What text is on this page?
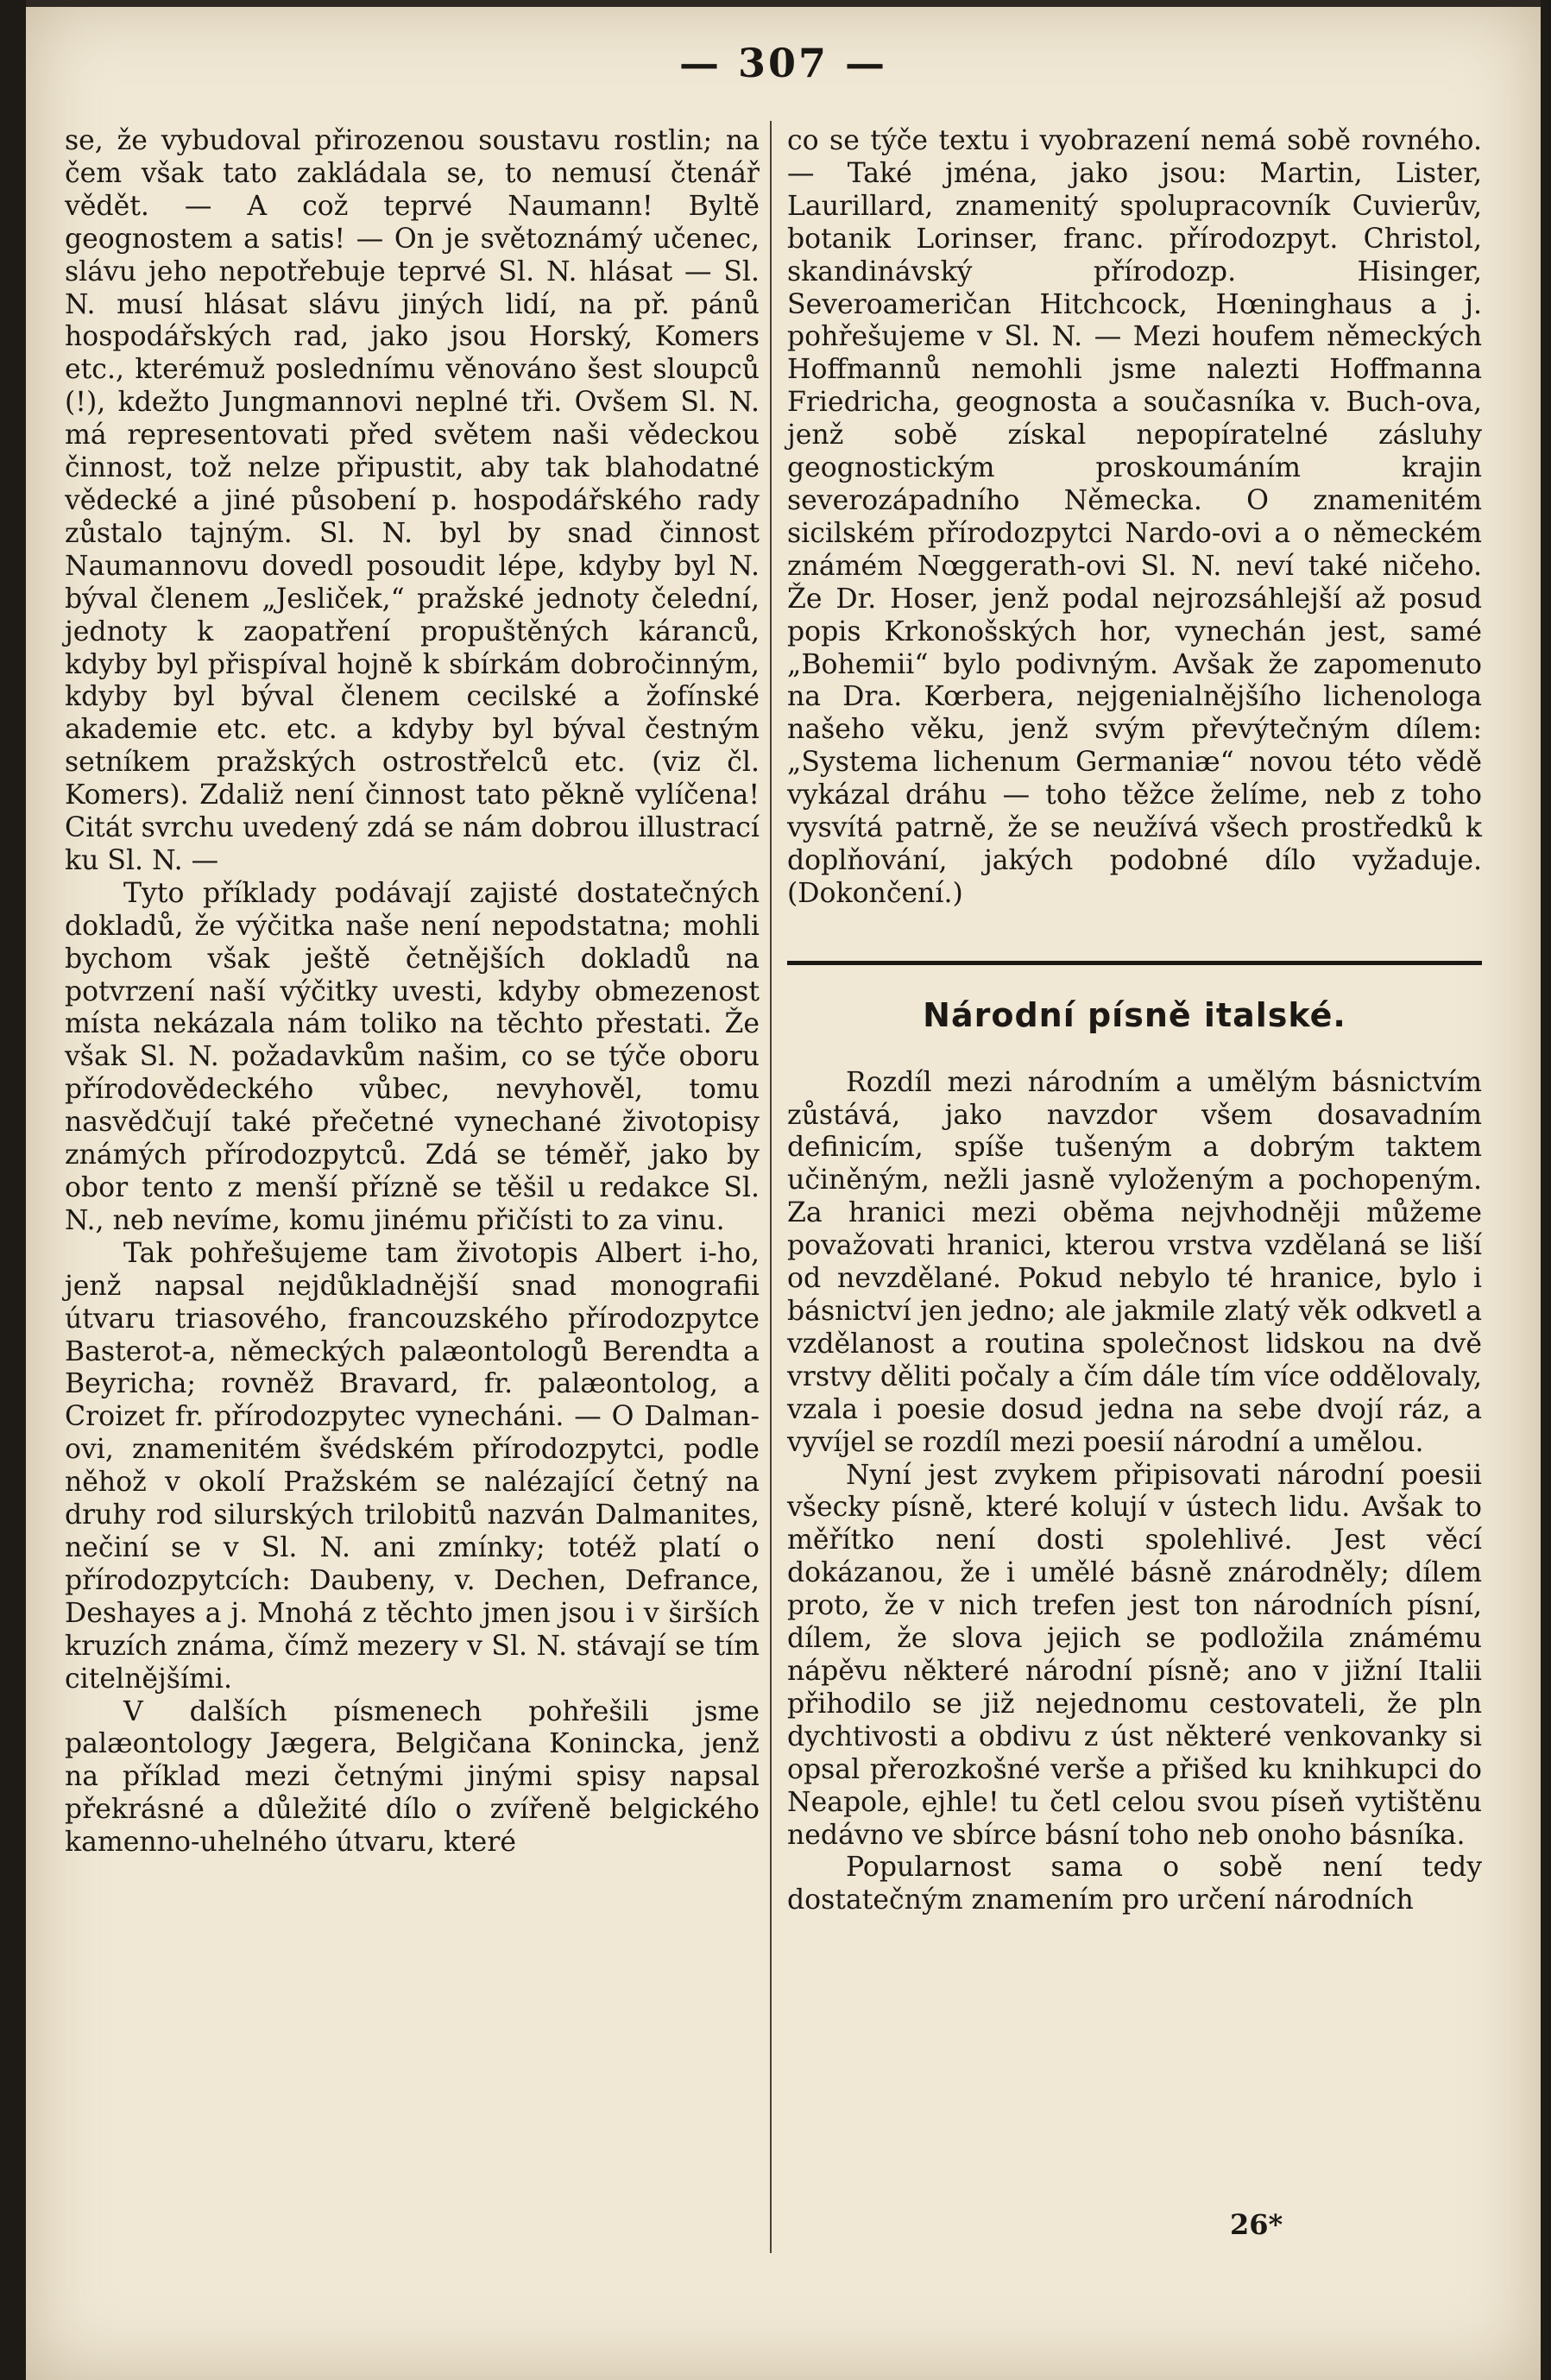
— 307 —

se, že vybudoval přirozenou soustavu rostlin; na čem však tato zakládala se, to nemusí čtenář vědět. — A což teprvé Naumann! Byltě geognostem a satis! — On je světoznámý učenec, slávu jeho nepotřebuje teprvé Sl. N. hlásat — Sl. N. musí hlásat slávu jiných lidí, na př. pánů hospodářských rad, jako jsou Horský, Komers etc., kterémuž poslednímu věnováno šest sloupců (!), kdežto Jungmannovi neplné tři. Ovšem Sl. N. má representovati před světem naši vědeckou činnost, tož nelze připustit, aby tak blahodatné vědecké a jiné působení p. hospodářského rady zůstalo tajným. Sl. N. byl by snad činnost Naumannovu dovedl posoudit lépe, kdyby byl N. býval členem „Jesliček,“ pražské jednoty čelední, jednoty k zaopatření propuštěných káranců, kdyby byl přispíval hojně k sbírkám dobročinným, kdyby byl býval členem cecilské a žofínské akademie etc. etc. a kdyby byl býval čestným setníkem pražských ostrostřelců etc. (viz čl. Komers). Zdaliž není činnost tato pěkně vylíčena! Citát svrchu uvedený zdá se nám dobrou illustrací ku Sl. N. —

Tyto příklady podávají zajisté dostatečných dokladů, že výčitka naše není nepodstatna; mohli bychom však ještě četnějších dokladů na potvrzení naší výčitky uvesti, kdyby obmezenost místa nekázala nám toliko na těchto přestati. Že však Sl. N. požadavkům našim, co se týče oboru přírodovědeckého vůbec, nevyhověl, tomu nasvědčují také přečetné vynechané životopisy známých přírodozpytců. Zdá se téměř, jako by obor tento z menší přízně se těšil u redakce Sl. N., neb nevíme, komu jinému přičísti to za vinu.

Tak pohřešujeme tam životopis Albert i-ho, jenž napsal nejdůkladnější snad monografii útvaru triasového, francouzského přírodozpytce Basterot-a, německých palæontologů Berendta a Beyricha; rovněž Bravard, fr. palæontolog, a Croizet fr. přírodozpytec vynecháni. — O Dalman-ovi, znamenitém švédském přírodozpytci, podle něhož v okolí Pražském se nalézající četný na druhy rod silurských trilobitů nazván Dalmanites, nečiní se v Sl. N. ani zmínky; totéž platí o přírodozpytcích: Daubeny, v. Dechen, Defrance, Deshayes a j. Mnohá z těchto jmen jsou i v širších kruzích známa, čímž mezery v Sl. N. stávají se tím citelnějšími.

V dalších písmenech pohřešili jsme palæontology Jægera, Belgičana Konincka, jenž na příklad mezi četnými jinými spisy napsal překrásné a důležité dílo o zvířeně belgického kamenno-uhelného útvaru, které

co se týče textu i vyobrazení nemá sobě rovného. — Také jména, jako jsou: Martin, Lister, Laurillard, znamenitý spolupracovník Cuvierův, botanik Lorinser, franc. přírodozpyt. Christol, skandinávský přírodozp. Hisinger, Severoameričan Hitchcock, Hœninghaus a j. pohřešujeme v Sl. N. — Mezi houfem německých Hoffmannů nemohli jsme nalezti Hoffmanna Friedricha, geognosta a současníka v. Buch-ova, jenž sobě získal nepopíratelné zásluhy geognostickým proskoumáním krajin severozápadního Německa. O znamenitém sicilském přírodozpytci Nardo-ovi a o německém známém Nœggerath-ovi Sl. N. neví také ničeho. Že Dr. Hoser, jenž podal nejrozsáhlejší až posud popis Krkonošských hor, vynechán jest, samé „Bohemii“ bylo podivným. Avšak že zapomenuto na Dra. Kœrbera, nejgenialnějšího lichenologa našeho věku, jenž svým převýtečným dílem: „Systema lichenum Germaniæ“ novou této vědě vykázal dráhu — toho těžce želíme, neb z toho vysvítá patrně, že se neužívá všech prostředků k doplňování, jakých podobné dílo vyžaduje. (Dokončení.)

Národní písně italské.

Rozdíl mezi národním a umělým básnictvím zůstává, jako navzdor všem dosavadním definicím, spíše tušeným a dobrým taktem učiněným, nežli jasně vyloženým a pochopeným. Za hranici mezi oběma nejvhodněji můžeme považovati hranici, kterou vrstva vzdělaná se liší od nevzdělané. Pokud nebylo té hranice, bylo i básnictví jen jedno; ale jakmile zlatý věk odkvetl a vzdělanost a routina společnost lidskou na dvě vrstvy děliti počaly a čím dále tím více oddělovaly, vzala i poesie dosud jedna na sebe dvojí ráz, a vyvíjel se rozdíl mezi poesií národní a umělou.

Nyní jest zvykem připisovati národní poesii všecky písně, které kolují v ústech lidu. Avšak to měřítko není dosti spolehlivé. Jest věcí dokázanou, že i umělé básně znárodněly; dílem proto, že v nich trefen jest ton národních písní, dílem, že slova jejich se podložila známému nápěvu některé národní písně; ano v jižní Italii přihodilo se již nejednomu cestovateli, že pln dychtivosti a obdivu z úst některé venkovanky si opsal přerozkošné verše a přišed ku knihkupci do Neapole, ejhle! tu četl celou svou píseň vytištěnu nedávno ve sbírce básní toho neb onoho básníka.

Popularnost sama o sobě není tedy dostatečným znamením pro určení národních

26*
